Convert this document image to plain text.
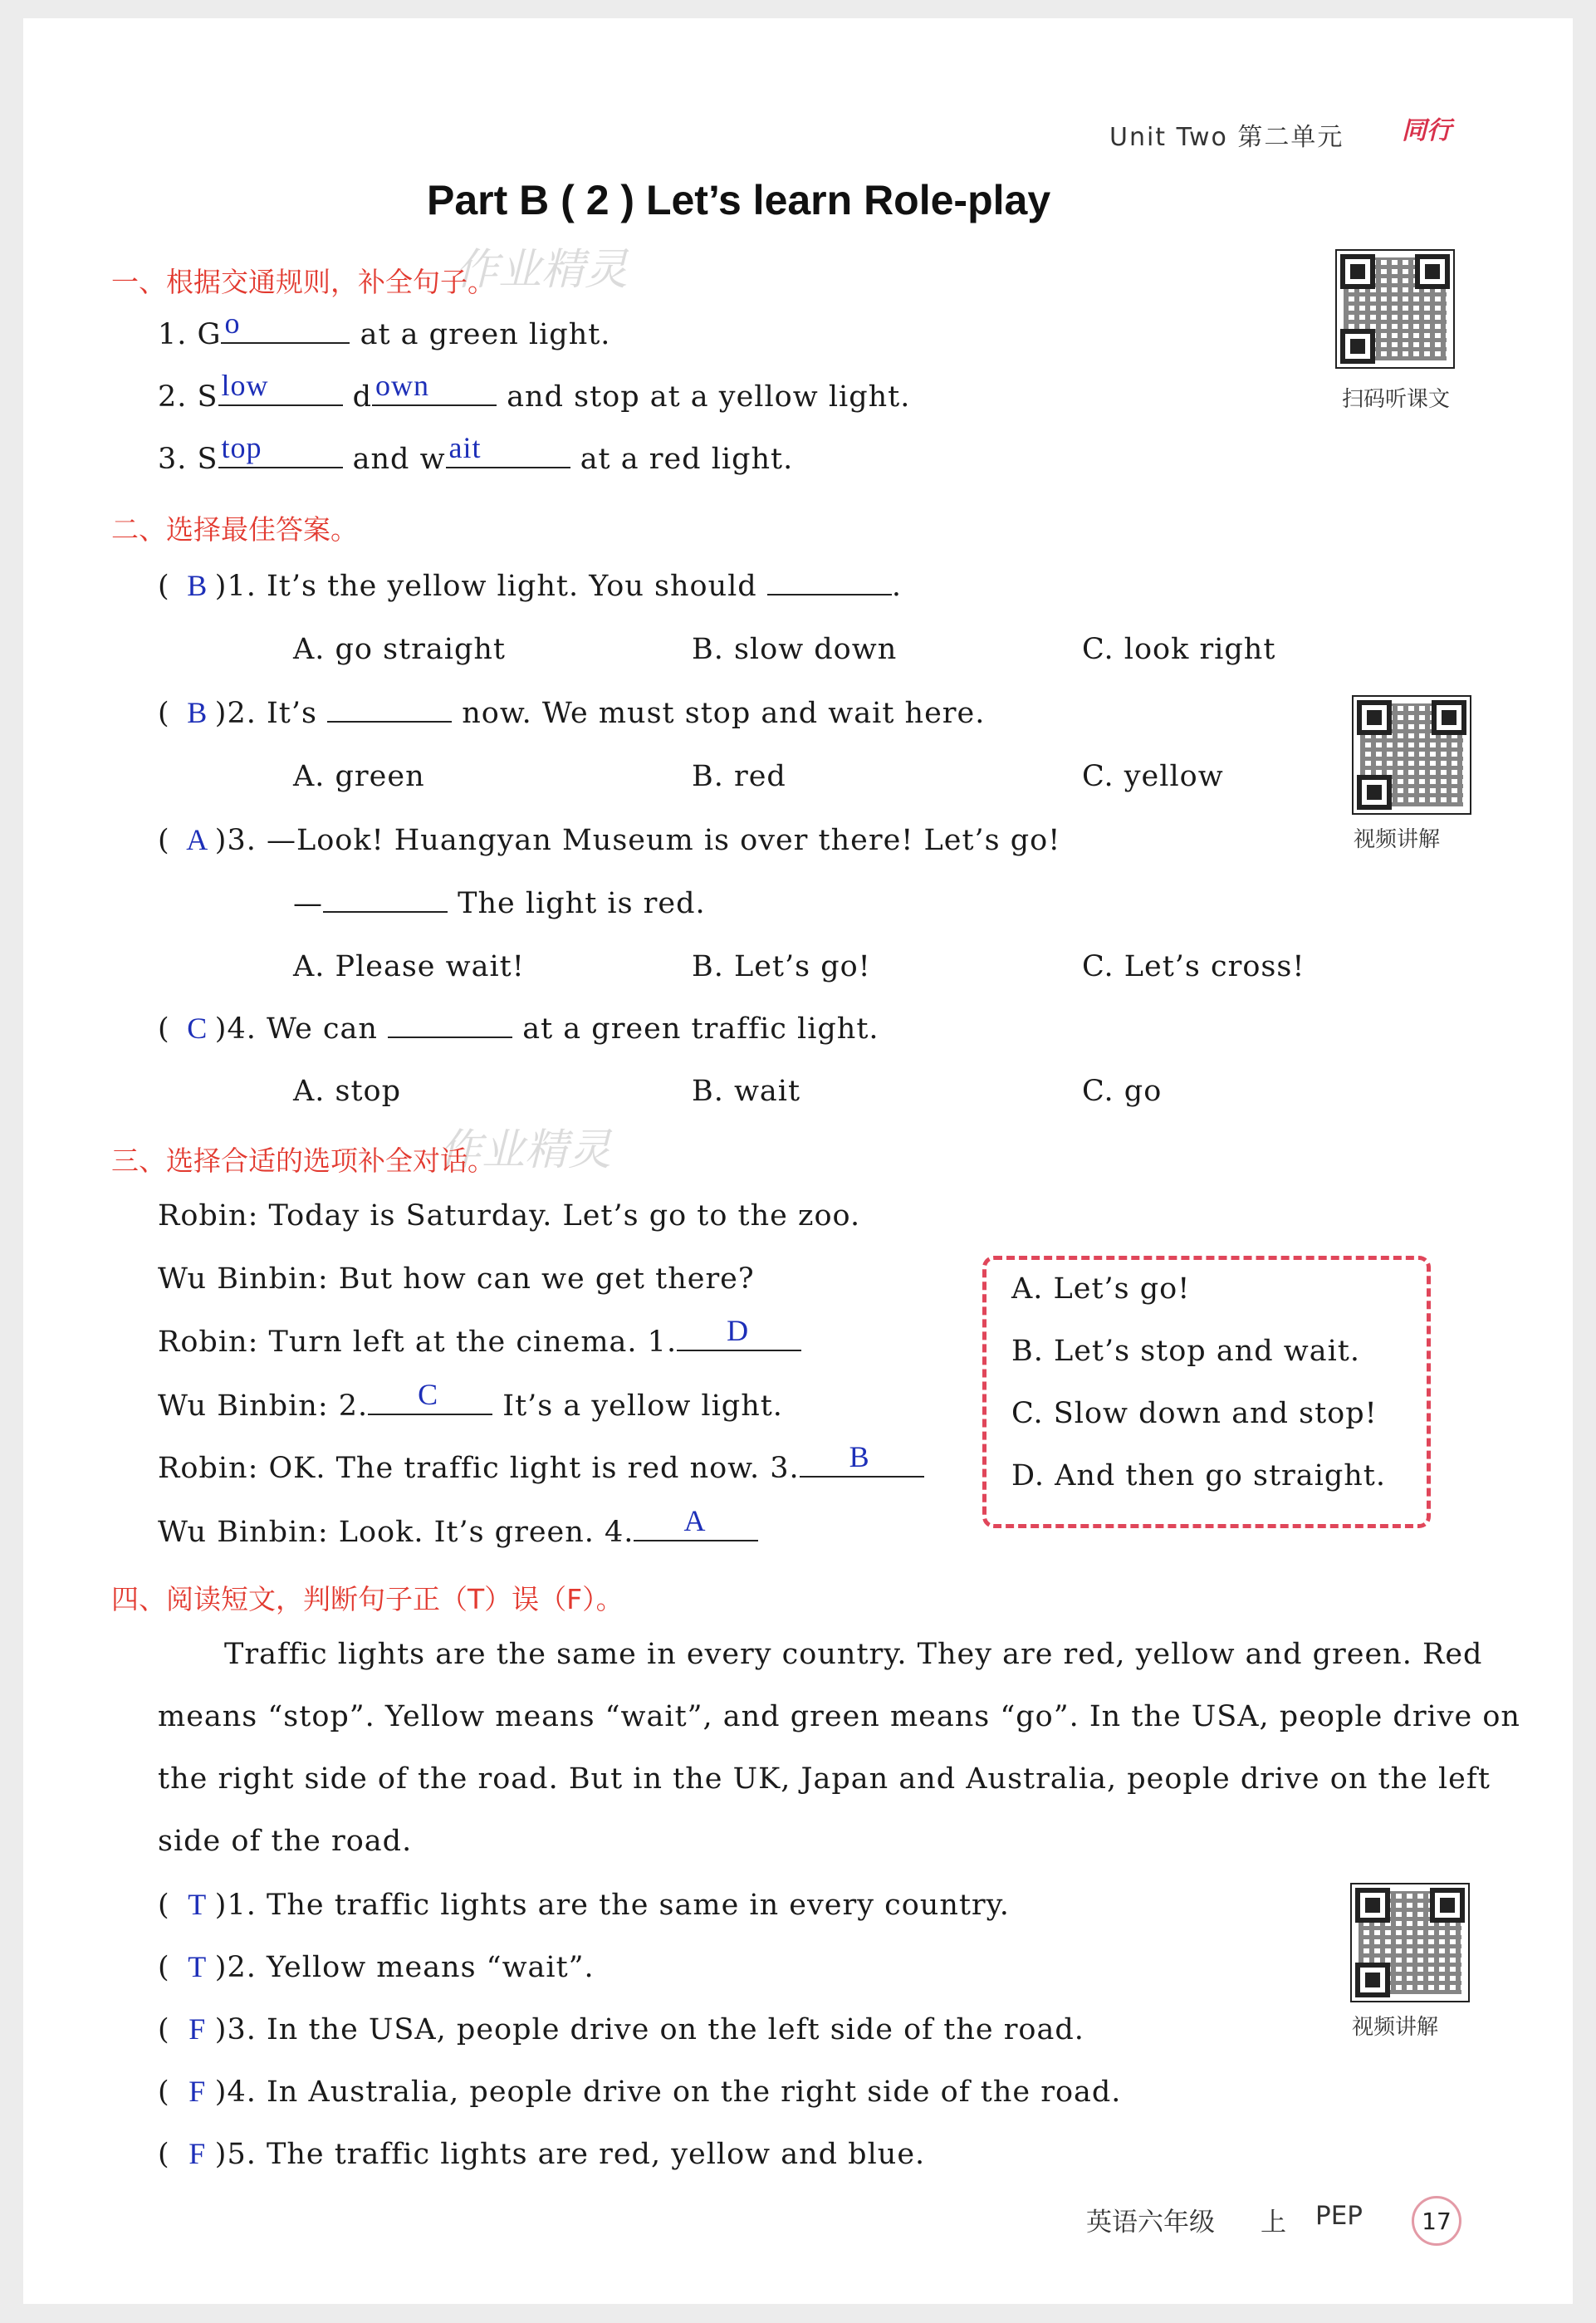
Unit Two 第二单元 同行
Part B ( 2 ) Let’s learn Role-play
作业精灵
作业精灵
扫码听课文
视频讲解
视频讲解
一、根据交通规则，补全句子。
1. G o	at a green light.
2. S low	d own	and stop at a yellow light.
3. S top	and w ait	at a red light.
二、选择最佳答案。
( B )1. It’s the yellow light. You should	.
A. go straight	B. slow down	C. look right
( B )2. It’s	now. We must stop and wait here.
A. green	B. red	C. yellow
( A )3. —Look! Huangyan Museum is over there! Let’s go!
—	The light is red.
A. Please wait!	B. Let’s go!	C. Let’s cross!
( C )4. We can	at a green traffic light.
A. stop	B. wait	C. go
三、选择合适的选项补全对话。
Robin: Today is Saturday. Let’s go to the zoo.
Wu Binbin: But how can we get there?
Robin: Turn left at the cinema. 1. D
Wu Binbin: 2. C It’s a yellow light.
Robin: OK. The traffic light is red now. 3. B
Wu Binbin: Look. It’s green. 4. A
A. Let’s go!
B. Let’s stop and wait.
C. Slow down and stop!
D. And then go straight.
四、阅读短文，判断句子正（T）误（F）。
Traffic lights are the same in every country. They are red, yellow and green. Red
means “stop”. Yellow means “wait”, and green means “go”. In the USA, people drive on
the right side of the road. But in the UK, Japan and Australia, people drive on the left
side of the road.
( T )1. The traffic lights are the same in every country.
( T )2. Yellow means “wait”.
( F )3. In the USA, people drive on the left side of the road.
( F )4. In Australia, people drive on the right side of the road.
( F )5. The traffic lights are red, yellow and blue.
英语六年级 上 PEP	17
